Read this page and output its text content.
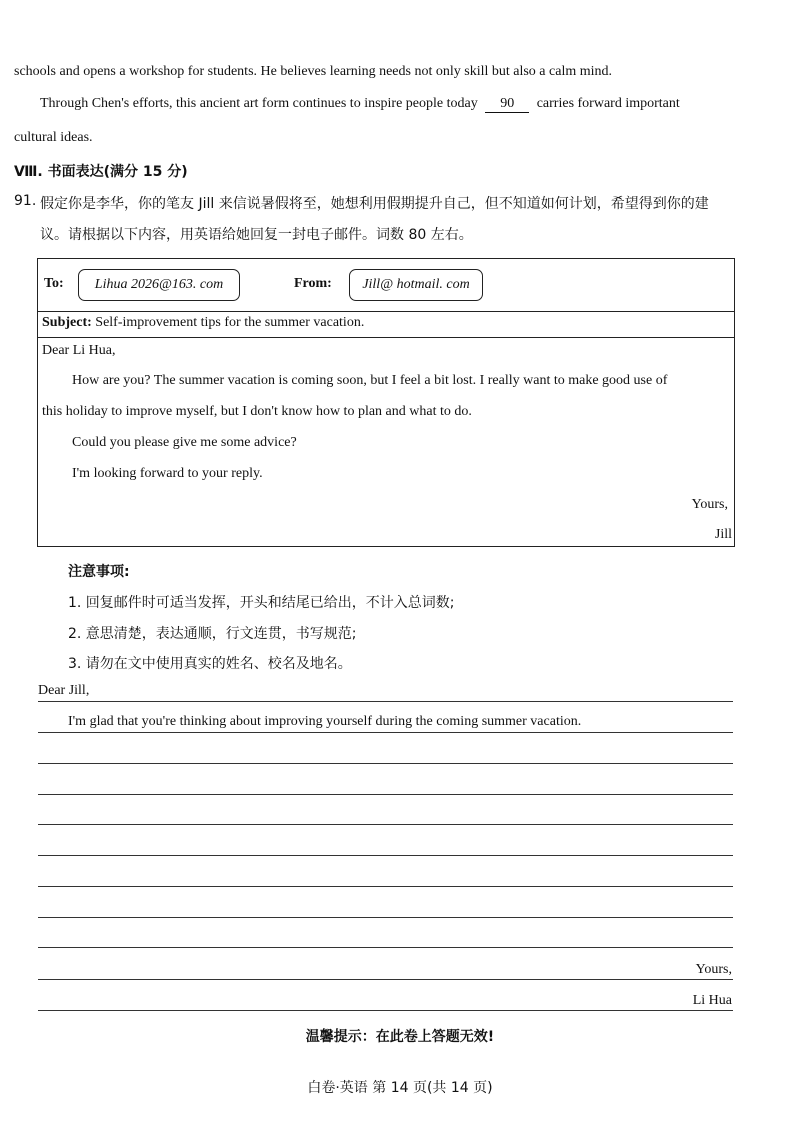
schools and opens a workshop for students. He believes learning needs not only skill but also a calm mind.
Through Chen's efforts, this ancient art form continues to inspire people today 90 carries forward important
cultural ideas.
Ⅷ. 书面表达(满分 15 分)
91. 假定你是李华，你的笔友 Jill 来信说暑假将至，她想利用假期提升自己，但不知道如何计划，希望得到你的建
议。请根据以下内容，用英语给她回复一封电子邮件。词数 80 左右。
To:	Lihua 2026@163. com	From:	Jill@ hotmail. com
Subject: Self-improvement tips for the summer vacation.
Dear Li Hua,
How are you? The summer vacation is coming soon, but I feel a bit lost. I really want to make good use of
this holiday to improve myself, but I don't know how to plan and what to do.
Could you please give me some advice?
I'm looking forward to your reply.
Yours,
Jill
注意事项:
1. 回复邮件时可适当发挥，开头和结尾已给出，不计入总词数;
2. 意思清楚，表达通顺，行文连贯，书写规范;
3. 请勿在文中使用真实的姓名、校名及地名。
Dear Jill,
I'm glad that you're thinking about improving yourself during the coming summer vacation.
Yours,
Li Hua
温馨提示：在此卷上答题无效!
白卷·英语 第 14 页(共 14 页)
